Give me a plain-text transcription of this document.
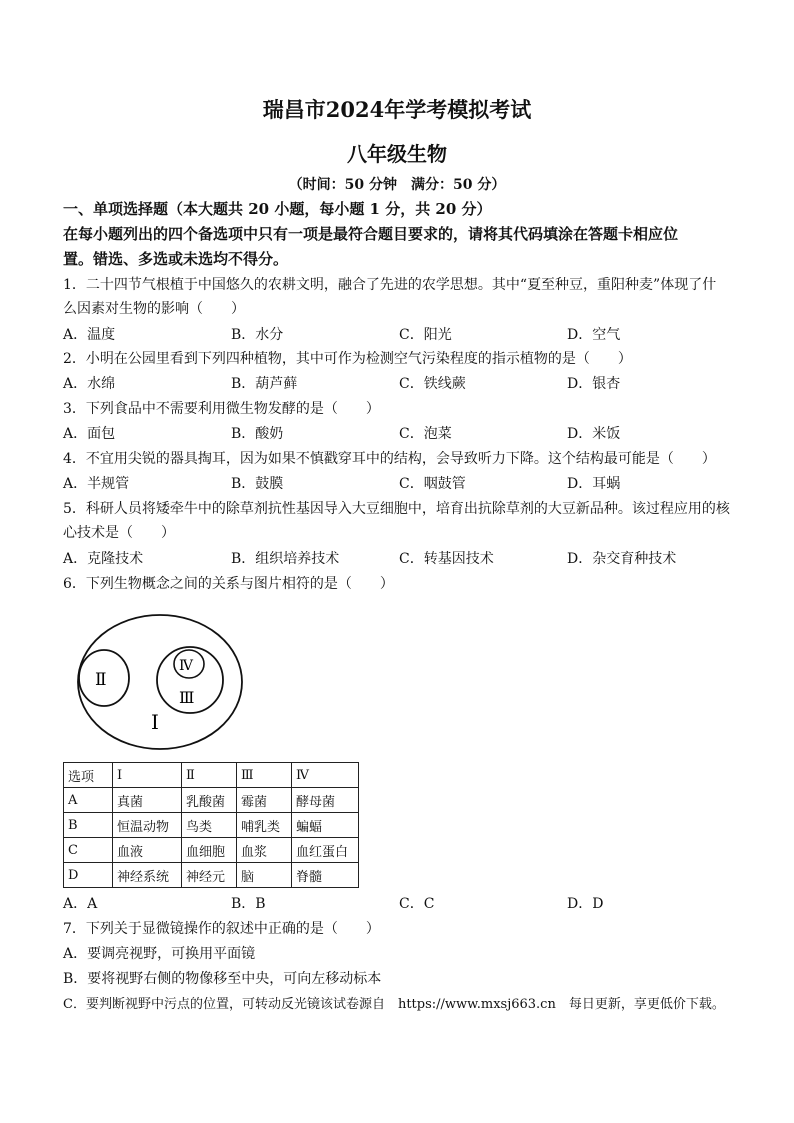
瑞昌市2024年学考模拟考试
八年级生物
（时间：50 分钟　满分：50 分）
一、单项选择题（本大题共 20 小题，每小题 1 分，共 20 分）
在每小题列出的四个备选项中只有一项是最符合题目要求的，请将其代码填涂在答题卡相应位
置。错选、多选或未选均不得分。
1．二十四节气根植于中国悠久的农耕文明，融合了先进的农学思想。其中“夏至种豆，重阳种麦”体现了什
么因素对生物的影响（　　）
A．温度	B．水分	C．阳光	D．空气
2．小明在公园里看到下列四种植物，其中可作为检测空气污染程度的指示植物的是（　　）
A．水绵	B．葫芦藓	C．铁线蕨	D．银杏
3．下列食品中不需要利用微生物发酵的是（　　）
A．面包	B．酸奶	C．泡菜	D．米饭
4．不宜用尖锐的器具掏耳，因为如果不慎戳穿耳中的结构，会导致听力下降。这个结构最可能是（　　）
A．半规管	B．鼓膜	C．咽鼓管	D．耳蜗
5．科研人员将矮牵牛中的除草剂抗性基因导入大豆细胞中，培育出抗除草剂的大豆新品种。该过程应用的核
心技术是（　　）
A．克隆技术	B．组织培养技术	C．转基因技术	D．杂交育种技术
6．下列生物概念之间的关系与图片相符的是（　　）
Ⅰ
Ⅱ
Ⅲ
Ⅳ
选项	Ⅰ	Ⅱ	Ⅲ	Ⅳ
A	真菌	乳酸菌	霉菌	酵母菌
B	恒温动物	鸟类	哺乳类	蝙蝠
C	血液	血细胞	血浆	血红蛋白
D	神经系统	神经元	脑	脊髓
A．A	B．B	C．C	D．D
7．下列关于显微镜操作的叙述中正确的是（　　）
A．要调亮视野，可换用平面镜
B．要将视野右侧的物像移至中央，可向左移动标本
C．要判断视野中污点的位置，可转动反光镜该试卷源自　https://www.mxsj663.cn　每日更新，享更低价下载。
